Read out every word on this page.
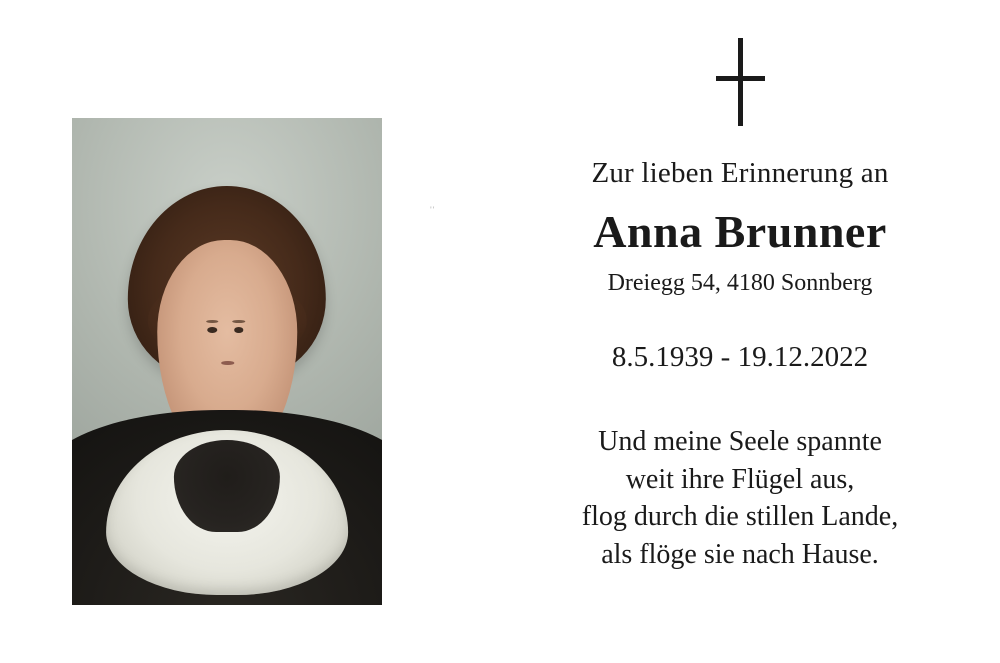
''

Zur lieben Erinnerung an

Anna Brunner

Dreiegg 54, 4180 Sonnberg

8.5.1939 - 19.12.2022

Und meine Seele spannte
weit ihre Flügel aus,
flog durch die stillen Lande,
als flöge sie nach Hause.
